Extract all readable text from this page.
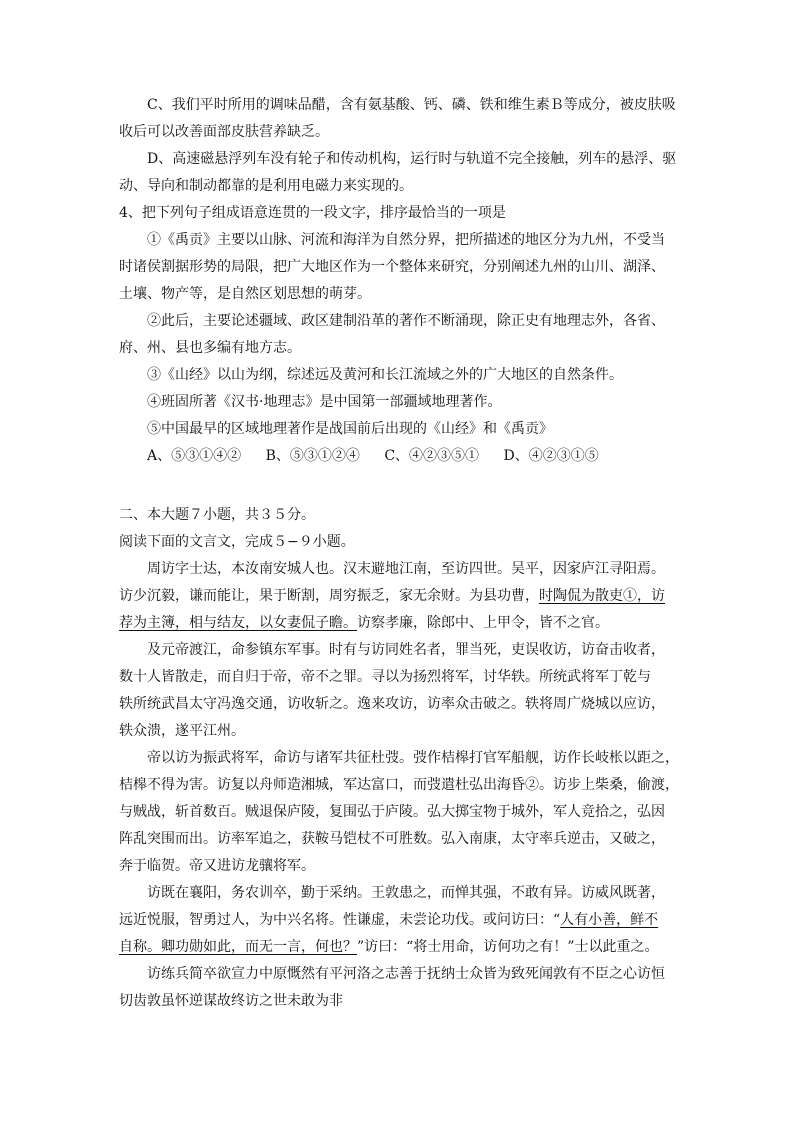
C、我们平时所用的调味品醋，含有氨基酸、钙、磷、铁和维生素Ｂ等成分，被皮肤吸
收后可以改善面部皮肤营养缺乏。
D、高速磁悬浮列车没有轮子和传动机构，运行时与轨道不完全接触，列车的悬浮、驱
动、导向和制动都靠的是利用电磁力来实现的。
4、把下列句子组成语意连贯的一段文字，排序最恰当的一项是
①《禹贡》主要以山脉、河流和海洋为自然分界，把所描述的地区分为九州，不受当
时诸侯割据形势的局限，把广大地区作为一个整体来研究，分别阐述九州的山川、湖泽、
土壤、物产等，是自然区划思想的萌芽。
②此后，主要论述疆域、政区建制沿革的著作不断涌现，除正史有地理志外，各省、
府、州、县也多编有地方志。
③《山经》以山为纲，综述远及黄河和长江流域之外的广大地区的自然条件。
④班固所著《汉书·地理志》是中国第一部疆域地理著作。
⑤中国最早的区域地理著作是战国前后出现的《山经》和《禹贡》
A、⑤③①④② B、⑤③①②④ C、④②③⑤① D、④②③①⑤
二、本大题７小题，共３５分。
阅读下面的文言文，完成５−９小题。
周访字士达，本汝南安城人也。汉末避地江南，至访四世。吴平，因家庐江寻阳焉。
访少沉毅，谦而能让，果于断割，周穷振乏，家无余财。为县功曹，时陶侃为散吏①，访
荐为主簿，相与结友，以女妻侃子瞻。访察孝廉，除郎中、上甲令，皆不之官。
及元帝渡江，命参镇东军事。时有与访同姓名者，罪当死，吏误收访，访奋击收者，
数十人皆散走，而自归于帝，帝不之罪。寻以为扬烈将军，讨华轶。所统武将军丁乾与
轶所统武昌太守冯逸交通，访收斩之。逸来攻访，访率众击破之。轶将周广烧城以应访，
轶众溃，遂平江州。
帝以访为振武将军，命访与诸军共征杜弢。弢作桔槔打官军船舰，访作长岐枨以距之，
桔槔不得为害。访复以舟师造湘城，军达富口，而弢遣杜弘出海昏②。访步上柴桑，偷渡，
与贼战，斩首数百。贼退保庐陵，复围弘于庐陵。弘大掷宝物于城外，军人竞拾之，弘因
阵乱突围而出。访率军追之，获鞍马铠杖不可胜数。弘入南康，太守率兵逆击，又破之，
奔于临贺。帝又进访龙骧将军。
访既在襄阳，务农训卒，勤于采纳。王敦患之，而惮其强，不敢有异。访威风既著，
远近悦服，智勇过人，为中兴名将。性谦虚，未尝论功伐。或问访曰：“人有小善，鲜不
自称。卿功勋如此，而无一言，何也？”访曰：“将士用命，访何功之有！”士以此重之。
访练兵简卒欲宣力中原慨然有平河洛之志善于抚纳士众皆为致死闻敦有不臣之心访恒
切齿敦虽怀逆谋故终访之世未敢为非
